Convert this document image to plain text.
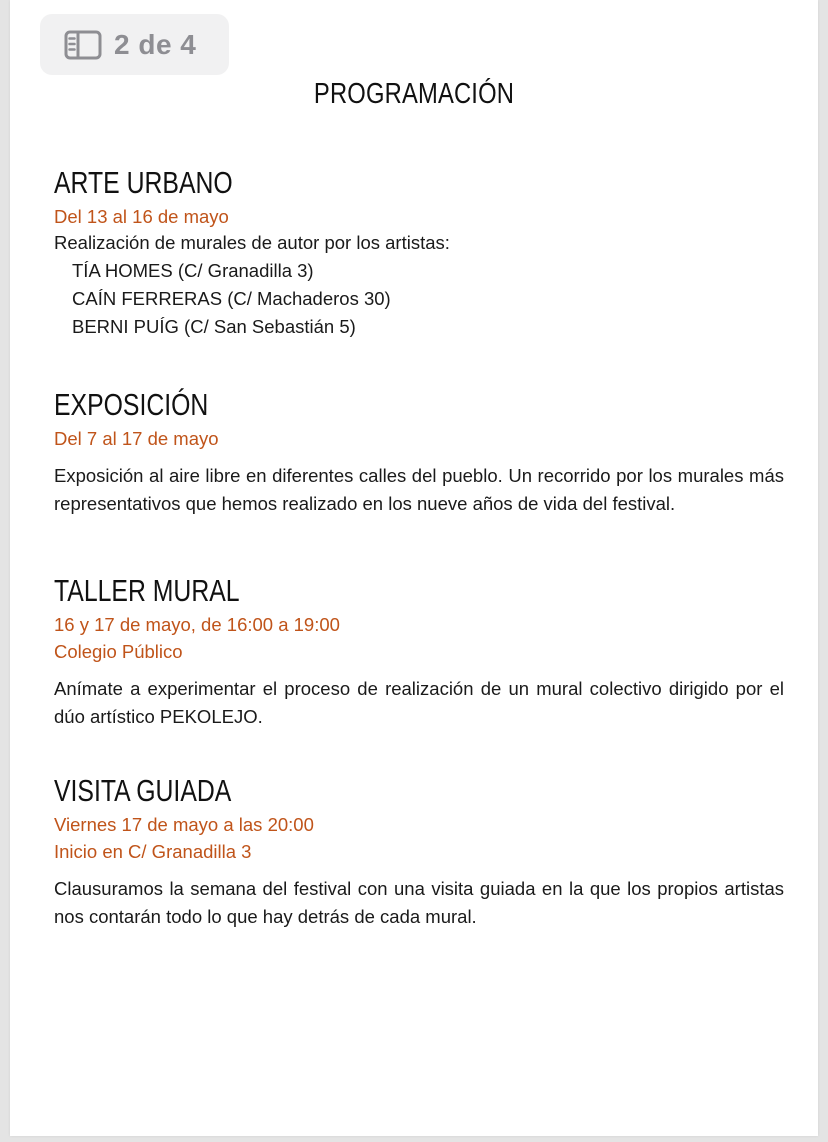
2 de 4
PROGRAMACIÓN
ARTE URBANO
Del 13 al 16 de mayo
Realización de murales de autor por los artistas:
TÍA HOMES (C/ Granadilla 3)
CAÍN FERRERAS (C/ Machaderos 30)
BERNI PUÍG (C/ San Sebastián 5)
EXPOSICIÓN
Del 7 al 17 de mayo
Exposición al aire libre en diferentes calles del pueblo. Un recorrido por los murales más representativos que hemos realizado en los nueve años de vida del festival.
TALLER MURAL
16 y 17 de mayo, de 16:00 a 19:00
Colegio Público
Anímate a experimentar el proceso de realización de un mural colectivo dirigido por el dúo artístico PEKOLEJO.
VISITA GUIADA
Viernes 17 de mayo a las 20:00
Inicio en C/ Granadilla 3
Clausuramos la semana del festival con una visita guiada en la que los propios artistas nos contarán todo lo que hay detrás de cada mural.
